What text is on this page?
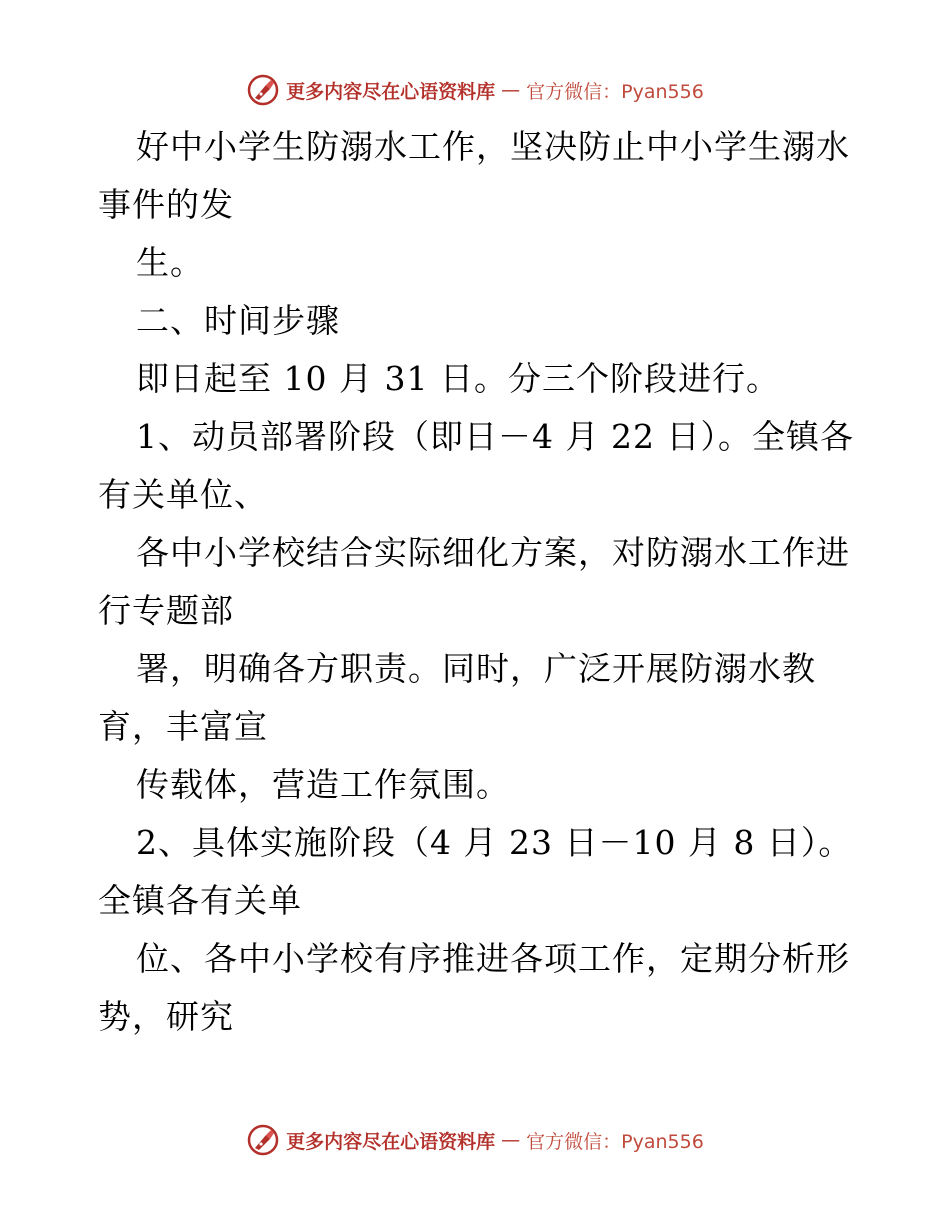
更多内容尽在心语资料库 — 官方微信：Pyan556
好中小学生防溺水工作，坚决防止中小学生溺水
事件的发
生。
二、时间步骤
即日起至 10 月 31 日。分三个阶段进行。
1、动员部署阶段（即日－4 月 22 日）。全镇各
有关单位、
各中小学校结合实际细化方案，对防溺水工作进
行专题部
署，明确各方职责。同时，广泛开展防溺水教
育，丰富宣
传载体，营造工作氛围。
2、具体实施阶段（4 月 23 日－10 月 8 日）。
全镇各有关单
位、各中小学校有序推进各项工作，定期分析形
势，研究
更多内容尽在心语资料库 — 官方微信：Pyan556
